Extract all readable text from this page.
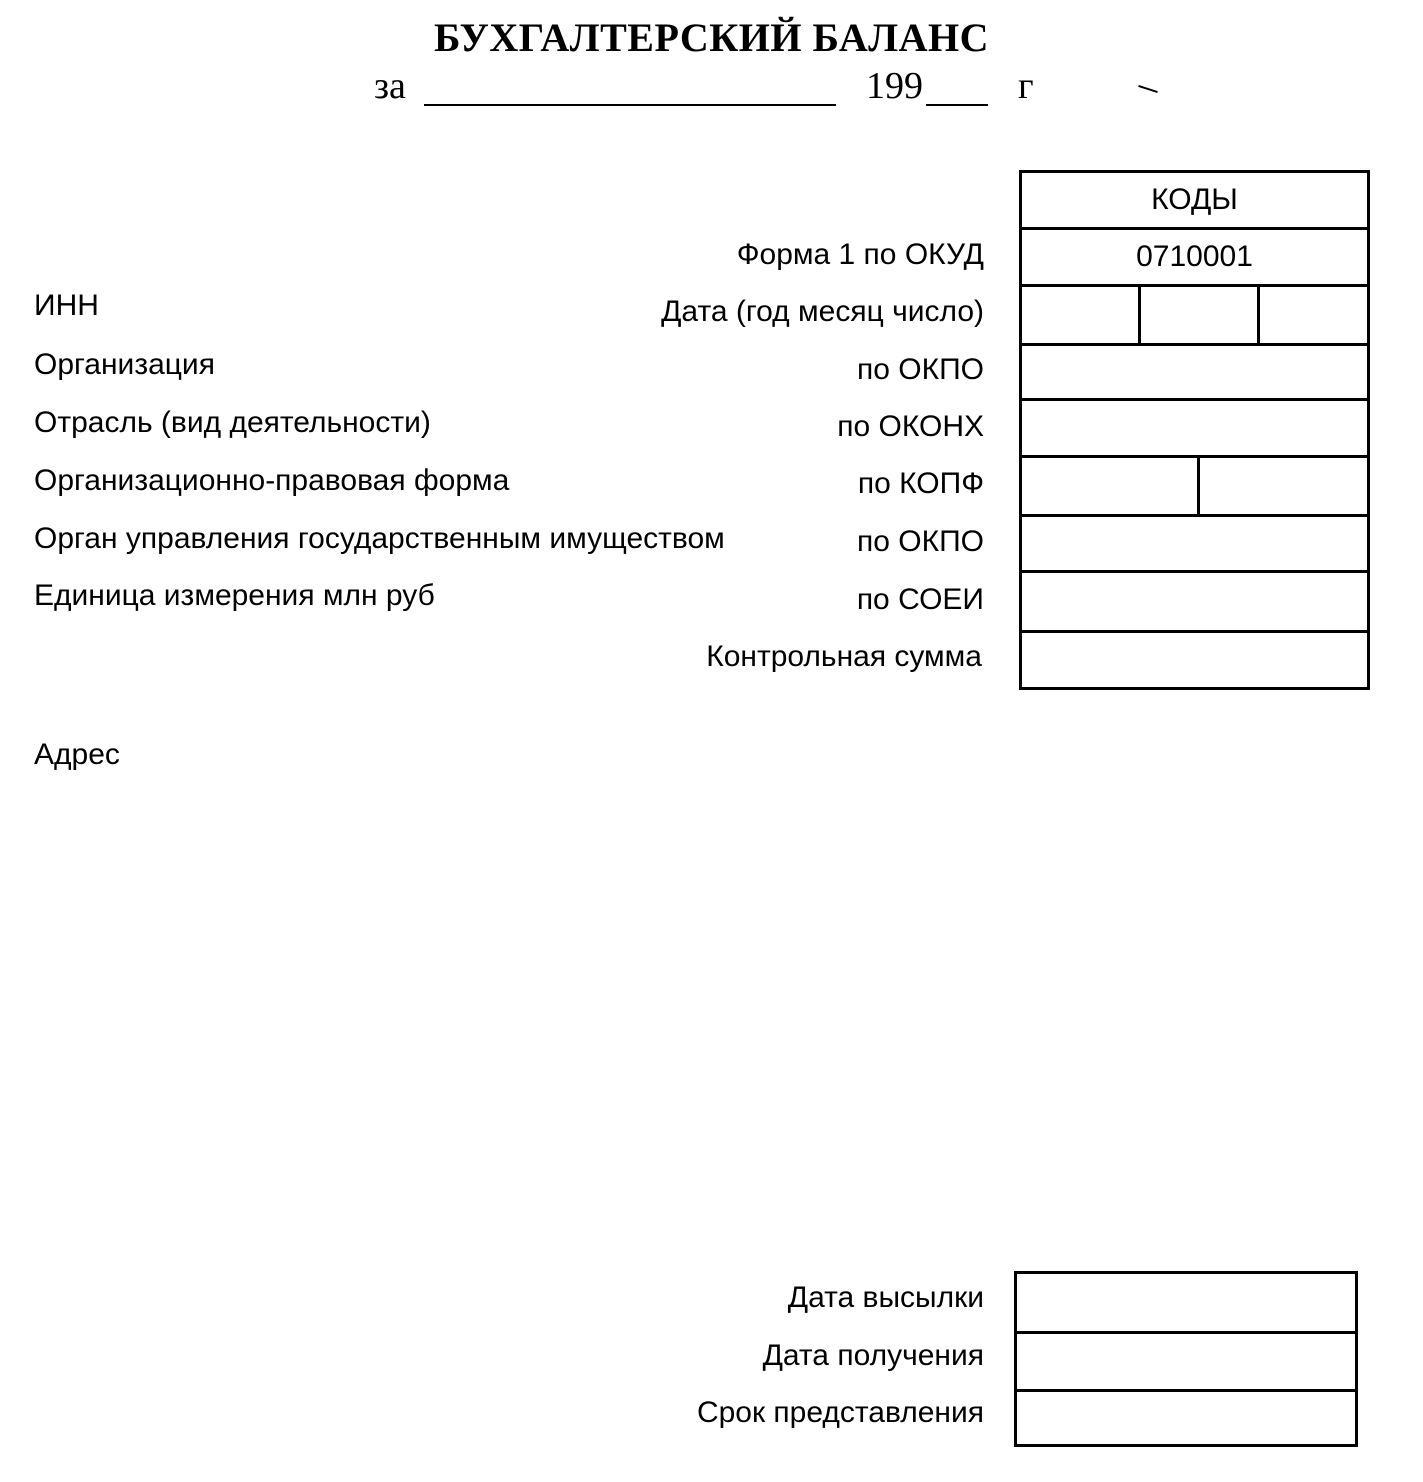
БУХГАЛТЕРСКИЙ БАЛАНС
за	199	г
ИНН
Организация
Отрасль (вид деятельности)
Организационно-правовая форма
Орган управления государственным имуществом
Единица измерения млн руб
Адрес
Форма 1 по ОКУД
Дата (год месяц число)
по ОКПО
по ОКОНХ
по КОПФ
по ОКПО
по СОЕИ
Контрольная сумма
КОДЫ
0710001
Дата высылки
Дата получения
Срок представления
